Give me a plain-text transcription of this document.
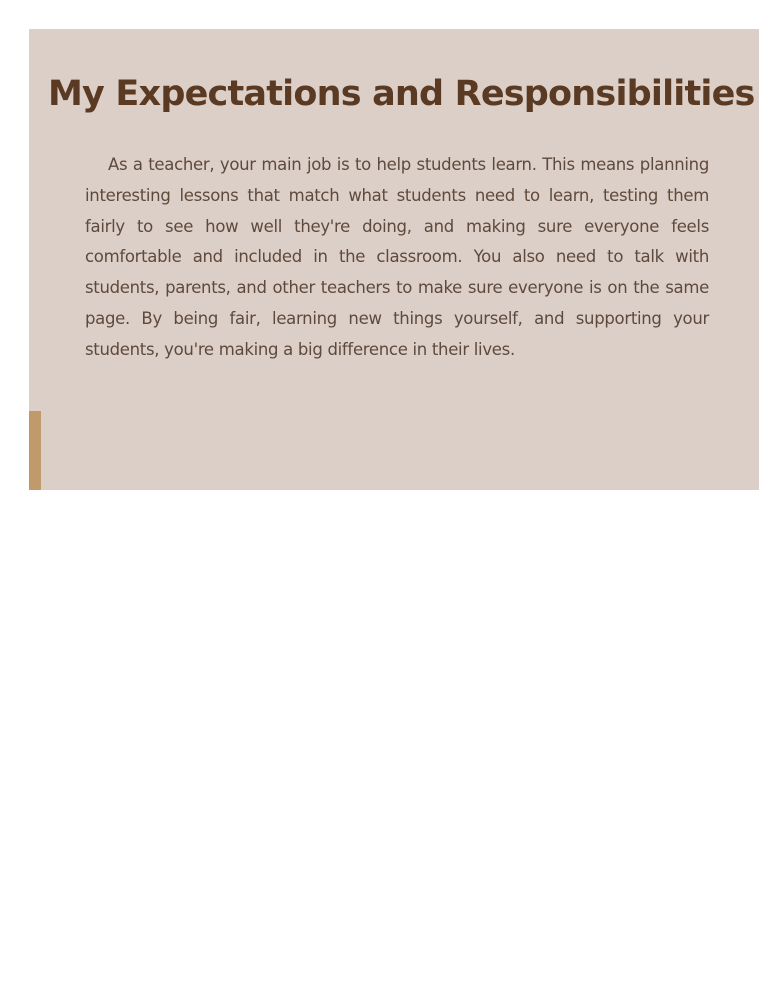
My Expectations and Responsibilities

As a teacher, your main job is to help students learn. This means planning interesting lessons that match what students need to learn, testing them fairly to see how well they're doing, and making sure everyone feels comfortable and included in the classroom. You also need to talk with students, parents, and other teachers to make sure everyone is on the same page. By being fair, learning new things yourself, and supporting your students, you're making a big difference in their lives.
